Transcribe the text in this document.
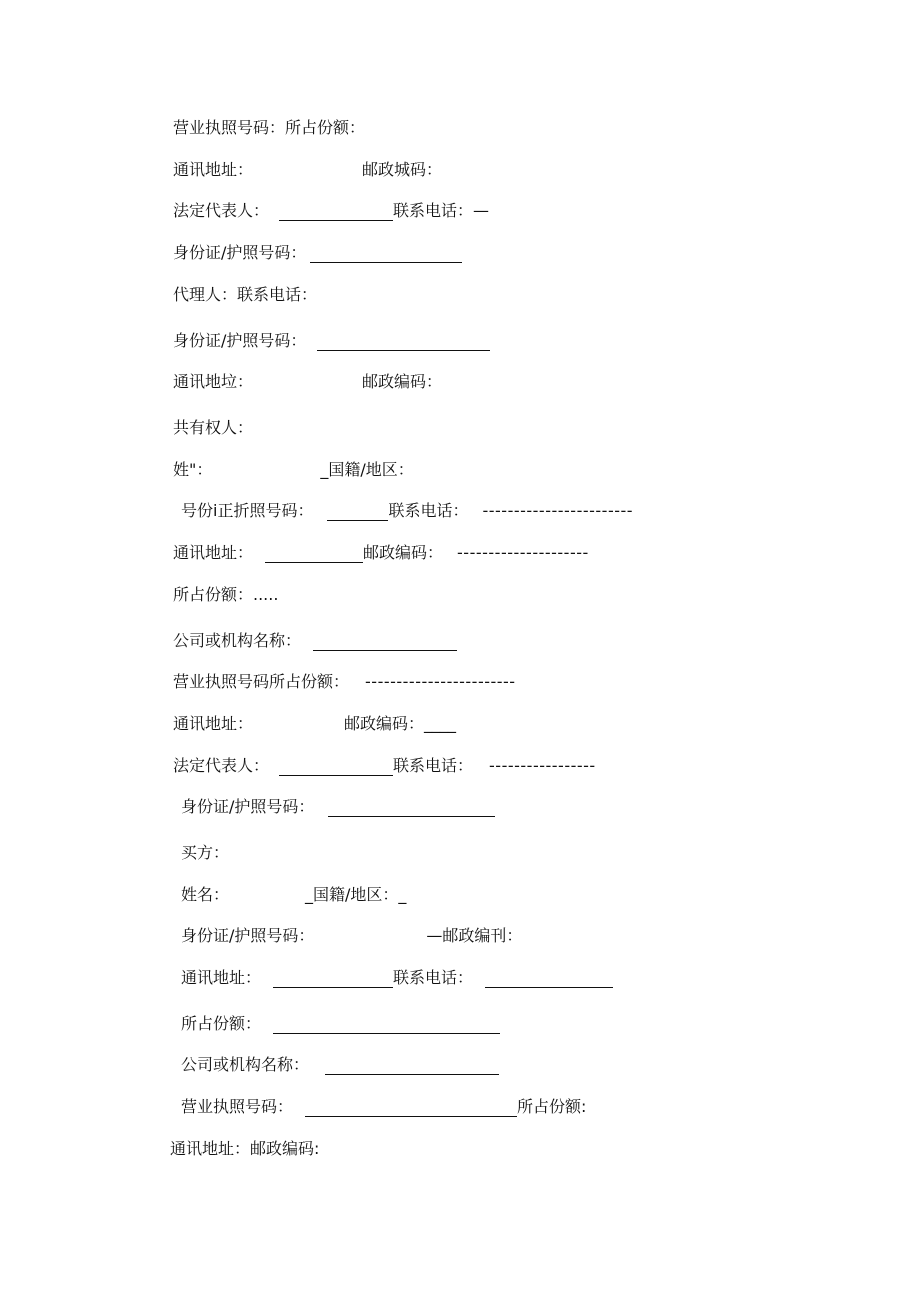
营业执照号码：所占份额：
通讯地址：	邮政城码：
法定代表人：	联系电话：—
身份证/护照号码：
代理人：联系电话：
身份证/护照号码：
通讯地垃：	邮政编码：
共有权人：
姓"：	_国籍/地区：
号份i正折照号码：	联系电话： ------------------------
通讯地址：	邮政编码： ---------------------
所占份额：.....
公司或机构名称：
营业执照号码所占份额： ------------------------
通讯地址：	邮政编码：____
法定代表人：	联系电话： -----------------
身份证/护照号码：
买方：
姓名：	_国籍/地区：_
身份证/护照号码：	—邮政编刊：
通讯地址：	联系电话：
所占份额：
公司或机构名称：
营业执照号码：	所占份额:
通讯地址：邮政编码:
